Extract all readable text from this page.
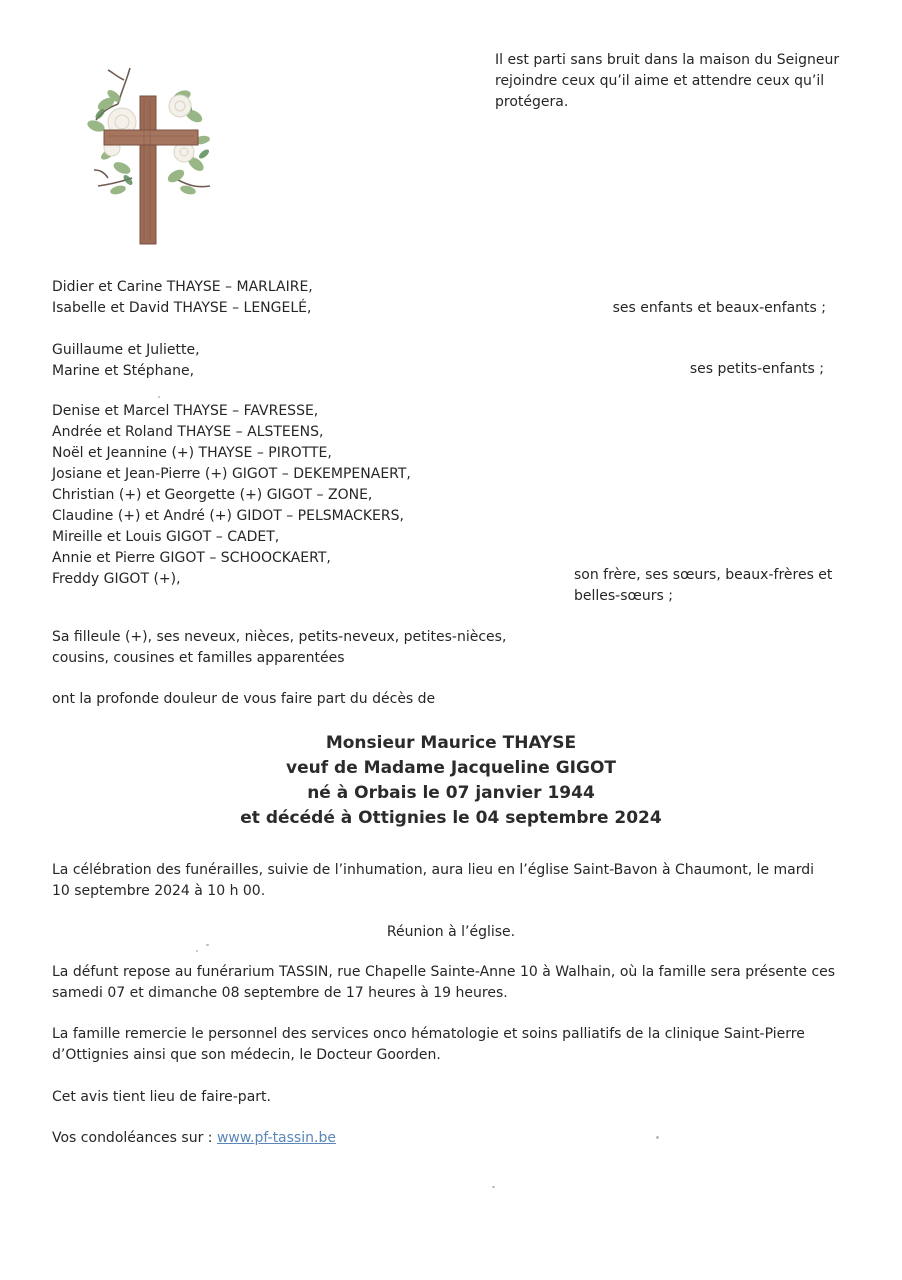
Il est parti sans bruit dans la maison du Seigneur
rejoindre ceux qu’il aime et attendre ceux qu’il
protégera.
Didier et Carine THAYSE – MARLAIRE,
Isabelle et David THAYSE – LENGELÉ,	ses enfants et beaux-enfants ;
Guillaume et Juliette,
Marine et Stéphane,	ses petits-enfants ;
Denise et Marcel THAYSE – FAVRESSE,
Andrée et Roland THAYSE – ALSTEENS,
Noël et Jeannine (+) THAYSE – PIROTTE,
Josiane et Jean-Pierre (+) GIGOT – DEKEMPENAERT,
Christian (+) et Georgette (+) GIGOT – ZONE,
Claudine (+) et André (+) GIDOT – PELSMACKERS,
Mireille et Louis GIGOT – CADET,
Annie et Pierre GIGOT – SCHOOCKAERT,
Freddy GIGOT (+),	son frère, ses sœurs, beaux-frères et
belles-sœurs ;
Sa filleule (+), ses neveux, nièces, petits-neveux, petites-nièces,
cousins, cousines et familles apparentées
ont la profonde douleur de vous faire part du décès de
Monsieur Maurice THAYSE
veuf de Madame Jacqueline GIGOT
né à Orbais le 07 janvier 1944
et décédé à Ottignies le 04 septembre 2024
La célébration des funérailles, suivie de l’inhumation, aura lieu en l’église Saint-Bavon à Chaumont, le mardi
10 septembre 2024 à 10 h 00.
Réunion à l’église.
La défunt repose au funérarium TASSIN, rue Chapelle Sainte-Anne 10 à Walhain, où la famille sera présente ces
samedi 07 et dimanche 08 septembre de 17 heures à 19 heures.
La famille remercie le personnel des services onco hématologie et soins palliatifs de la clinique Saint-Pierre
d’Ottignies ainsi que son médecin, le Docteur Goorden.
Cet avis tient lieu de faire-part.
Vos condoléances sur : www.pf-tassin.be
